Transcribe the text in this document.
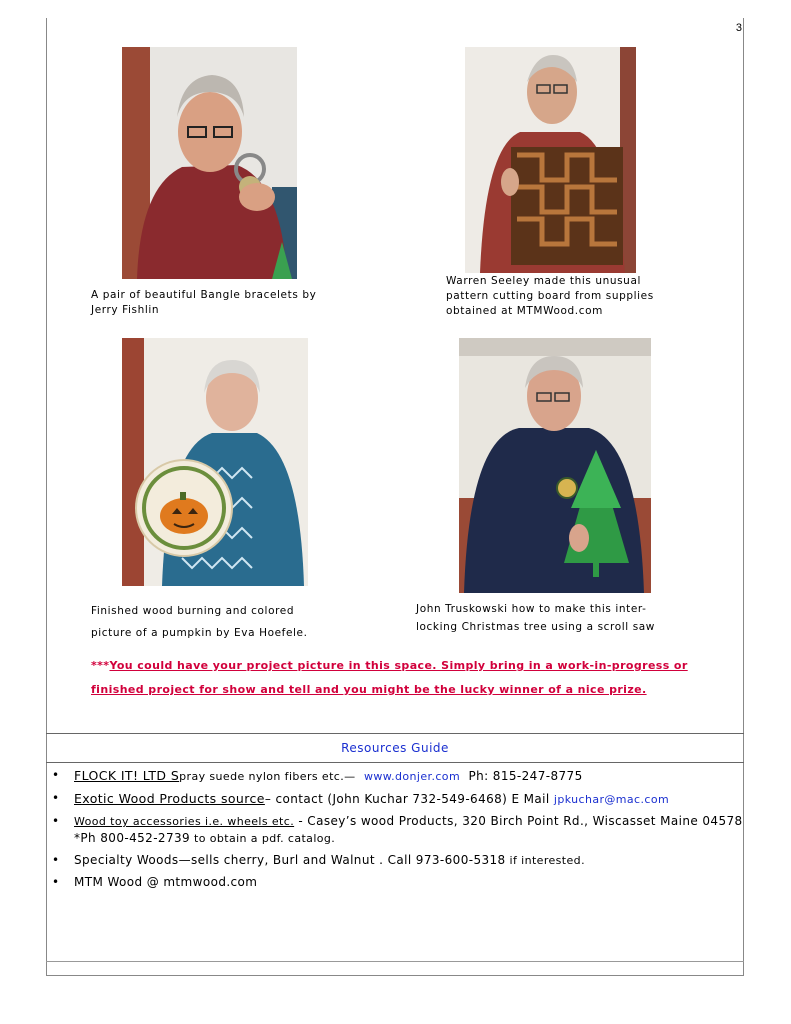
3
A pair of beautiful Bangle bracelets by Jerry Fishlin
Warren Seeley made this unusual pattern cutting board from supplies obtained at MTMWood.com
Finished wood burning and colored picture of a pumpkin by Eva Hoefele.
John Truskowski how to make this inter-locking Christmas tree using a scroll saw
***You could have your project picture in this space. Simply bring in a work-in-progress or finished project for show and tell and you might be the lucky winner of a nice prize.
Resources Guide
• FLOCK IT! LTD Spray suede nylon fibers etc.— www.donjer.com Ph: 815-247-8775
• Exotic Wood Products source– contact (John Kuchar 732-549-6468) E Mail jpkuchar@mac.com
• Wood toy accessories i.e. wheels etc. - Casey’s wood Products, 320 Birch Point Rd., Wiscasset Maine 04578 *Ph 800-452-2739 to obtain a pdf. catalog.
• Specialty Woods—sells cherry, Burl and Walnut . Call 973-600-5318 if interested.
• MTM Wood @ mtmwood.com
